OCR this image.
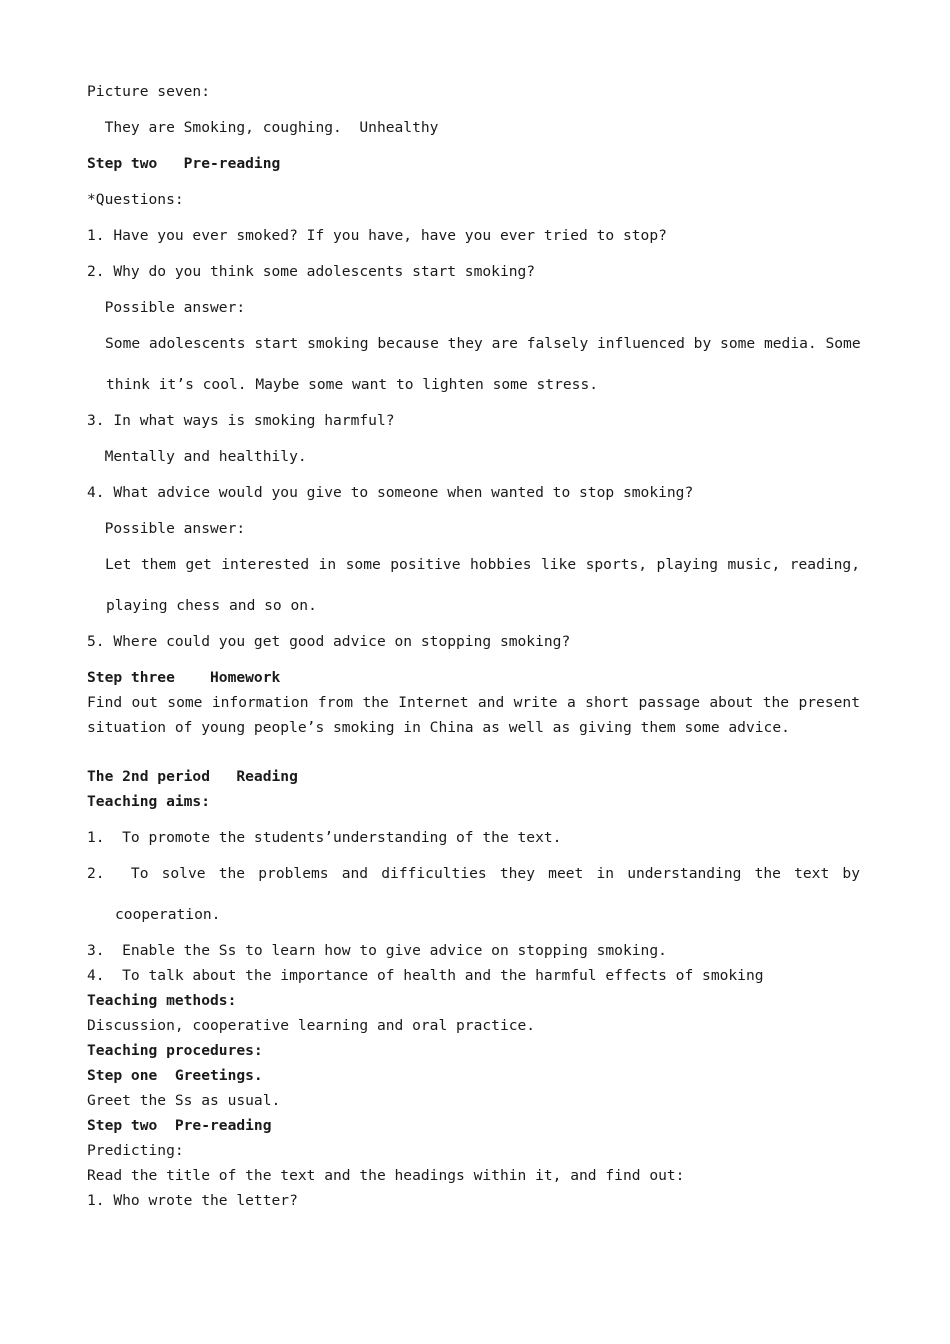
Picture seven:
They are Smoking, coughing.  Unhealthy
Step two   Pre-reading
*Questions:
1. Have you ever smoked? If you have, have you ever tried to stop?
2. Why do you think some adolescents start smoking?
Possible answer:
Some adolescents start smoking because they are falsely influenced by some media. Some
think it’s cool. Maybe some want to lighten some stress.
3. In what ways is smoking harmful?
Mentally and healthily.
4. What advice would you give to someone when wanted to stop smoking?
Possible answer:
Let them get interested in some positive hobbies like sports, playing music, reading,
playing chess and so on.
5. Where could you get good advice on stopping smoking?
Step three    Homework
Find out some information from the Internet and write a short passage about the present
situation of young people’s smoking in China as well as giving them some advice.
The 2nd period   Reading
Teaching aims:
1.  To promote the students’understanding of the text.
2.  To solve the problems and difficulties they meet in understanding the text by
cooperation.
3.  Enable the Ss to learn how to give advice on stopping smoking.
4.  To talk about the importance of health and the harmful effects of smoking
Teaching methods:
Discussion, cooperative learning and oral practice.
Teaching procedures:
Step one  Greetings.
Greet the Ss as usual.
Step two  Pre-reading
Predicting:
Read the title of the text and the headings within it, and find out:
1. Who wrote the letter?
